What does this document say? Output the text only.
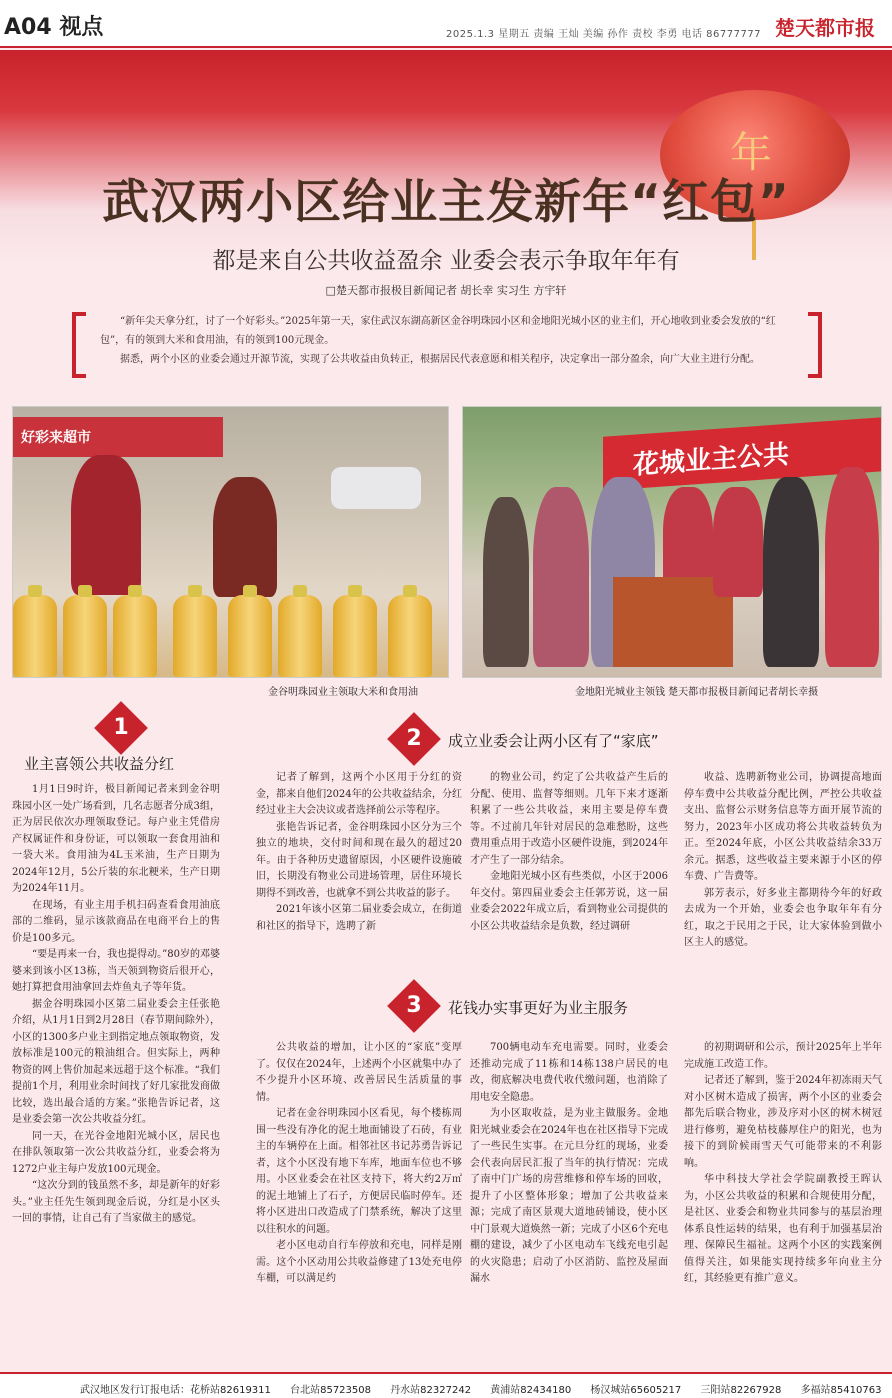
A04 视点	2025.1.3 星期五 责编 王灿 美编 孙作 责校 李勇 电话 86777777 楚天都市报
年
武汉两小区给业主发新年“红包”
都是来自公共收益盈余 业委会表示争取年年有
□楚天都市报极目新闻记者 胡长幸 实习生 方宇轩

“新年尖天拿分红，讨了一个好彩头。”2025年第一天，家住武汉东湖高新区金谷明珠园小区和金地阳光城小区的业主们，开心地收到业委会发放的“红包”，有的领到大米和食用油，有的领到100元现金。

据悉，两个小区的业委会通过开源节流，实现了公共收益由负转正，根据居民代表意愿和相关程序，决定拿出一部分盈余，向广大业主进行分配。

好彩来超市
金谷明珠园业主领取大米和食用油
花城业主公共
金地阳光城业主领钱 楚天都市报极目新闻记者胡长幸摄
1
业主喜领公共收益分红

1月1日9时许，极目新闻记者来到金谷明珠园小区一处广场看到，几名志愿者分成3组，正为居民依次办理领取登记。每户业主凭借房产权属证件和身份证，可以领取一套食用油和一袋大米。食用油为4L玉米油，生产日期为2024年12月，5公斤装的东北粳米，生产日期为2024年11月。

在现场，有业主用手机扫码查看食用油底部的二维码，显示该款商品在电商平台上的售价是100多元。

“要是再来一台，我也提得动。”80岁的邓婆婆来到该小区13栋，当天领到物资后很开心，她打算把食用油拿回去炸鱼丸子等年货。

据金谷明珠园小区第二届业委会主任张艳介绍，从1月1日到2月28日（春节期间除外），小区的1300多户业主到指定地点领取物资，发放标准是100元的粮油组合。但实际上，两种物资的网上售价加起来远超于这个标准。“我们提前1个月，利用业余时间找了好几家批发商做比较，选出最合适的方案。”张艳告诉记者，这是业委会第一次公共收益分红。

同一天，在光谷金地阳光城小区，居民也在排队领取第一次公共收益分红，业委会将为1272户业主每户发放100元现金。

“这次分到的钱虽然不多，却是新年的好彩头。”业主任先生领到现金后说，分红是小区头一回的事情，让自己有了当家做主的感觉。

2	成立业委会让两小区有了“家底”

记者了解到，这两个小区用于分红的资金，都来自他们2024年的公共收益结余，分红经过业主大会决议或者选择前公示等程序。

张艳告诉记者，金谷明珠园小区分为三个独立的地块，交付时间和现在最久的超过20年。由于各种历史遗留原因，小区硬件设施破旧，长期没有物业公司进场管理，居住环境长期得不到改善，也就拿不到公共收益的影子。

2021年该小区第二届业委会成立，在街道和社区的指导下，选聘了新

的物业公司，约定了公共收益产生后的分配、使用、监督等细则。几年下来才逐渐积累了一些公共收益，来用主要是停车费等。不过前几年针对居民的急难愁盼，这些费用重点用于改造小区硬件设施，到2024年才产生了一部分结余。

金地阳光城小区有些类似，小区于2006年交付。第四届业委会主任郭芳说，这一届业委会2022年成立后，看到物业公司提供的小区公共收益结余是负数，经过调研

收益、选聘新物业公司，协调提高地面停车费中公共收益分配比例，严控公共收益支出、监督公示财务信息等方面开展节流的努力，2023年小区成功将公共收益转负为正。至2024年底，小区公共收益结余33万余元。据悉，这些收益主要来源于小区的停车费、广告费等。

郭芳表示，好多业主都期待今年的好政去成为一个开始，业委会也争取年年有分红，取之于民用之于民，让大家体验到做小区主人的感觉。

3	花钱办实事更好为业主服务

公共收益的增加，让小区的“家底”变厚了。仅仅在2024年，上述两个小区就集中办了不少提升小区环境、改善居民生活质量的事情。

记者在金谷明珠园小区看见，每个楼栋周围一些没有净化的泥土地面铺设了石砖，有业主的车辆停在上面。相邻社区书记苏勇告诉记者，这个小区没有地下车库，地面车位也不够用。小区业委会在社区支持下，将大约2万㎡的泥土地铺上了石子，方便居民临时停车。还将小区进出口改造成了门禁系统，解决了这里以往积水的问题。

老小区电动自行车停放和充电，同样是刚需。这个小区动用公共收益修建了13处充电停车棚，可以满足约

700辆电动车充电需要。同时，业委会还推动完成了11栋和14栋138户居民的电改，彻底解决电费代收代缴问题，也消除了用电安全隐患。

为小区取收益，是为业主做服务。金地阳光城业委会在2024年也在社区指导下完成了一些民生实事。在元旦分红的现场，业委会代表向居民汇报了当年的执行情况：完成了南中门广场的房营维修和停车场的回收，提升了小区整体形象；增加了公共收益来源；完成了南区景观大道地砖铺设，使小区中门景观大道焕然一新；完成了小区6个充电棚的建设，减少了小区电动车飞线充电引起的火灾隐患；启动了小区消防、监控及屋面漏水

的初期调研和公示，预计2025年上半年完成施工改造工作。

记者还了解到，鉴于2024年初冻雨天气对小区树木造成了损害，两个小区的业委会都先后联合物业，涉及序对小区的树木树冠进行修剪，避免枯枝藤厚住户的阳光，也为接下的到阶候雨雪天气可能带来的不利影响。

华中科技大学社会学院副教授王晖认为，小区公共收益的积累和合规使用分配，是社区、业委会和物业共同参与的基层治理体系良性运转的结果，也有利于加强基层治理、保障民生福祉。这两个小区的实践案例值得关注，如果能实现持续多年向业主分红，其经验更有推广意义。

武汉地区发行订报电话：花桥站82619311 台北站85723508 丹水站82327242 黄浦站82434180 杨汉城站65605217 三阳站82267928 多福站85410763
